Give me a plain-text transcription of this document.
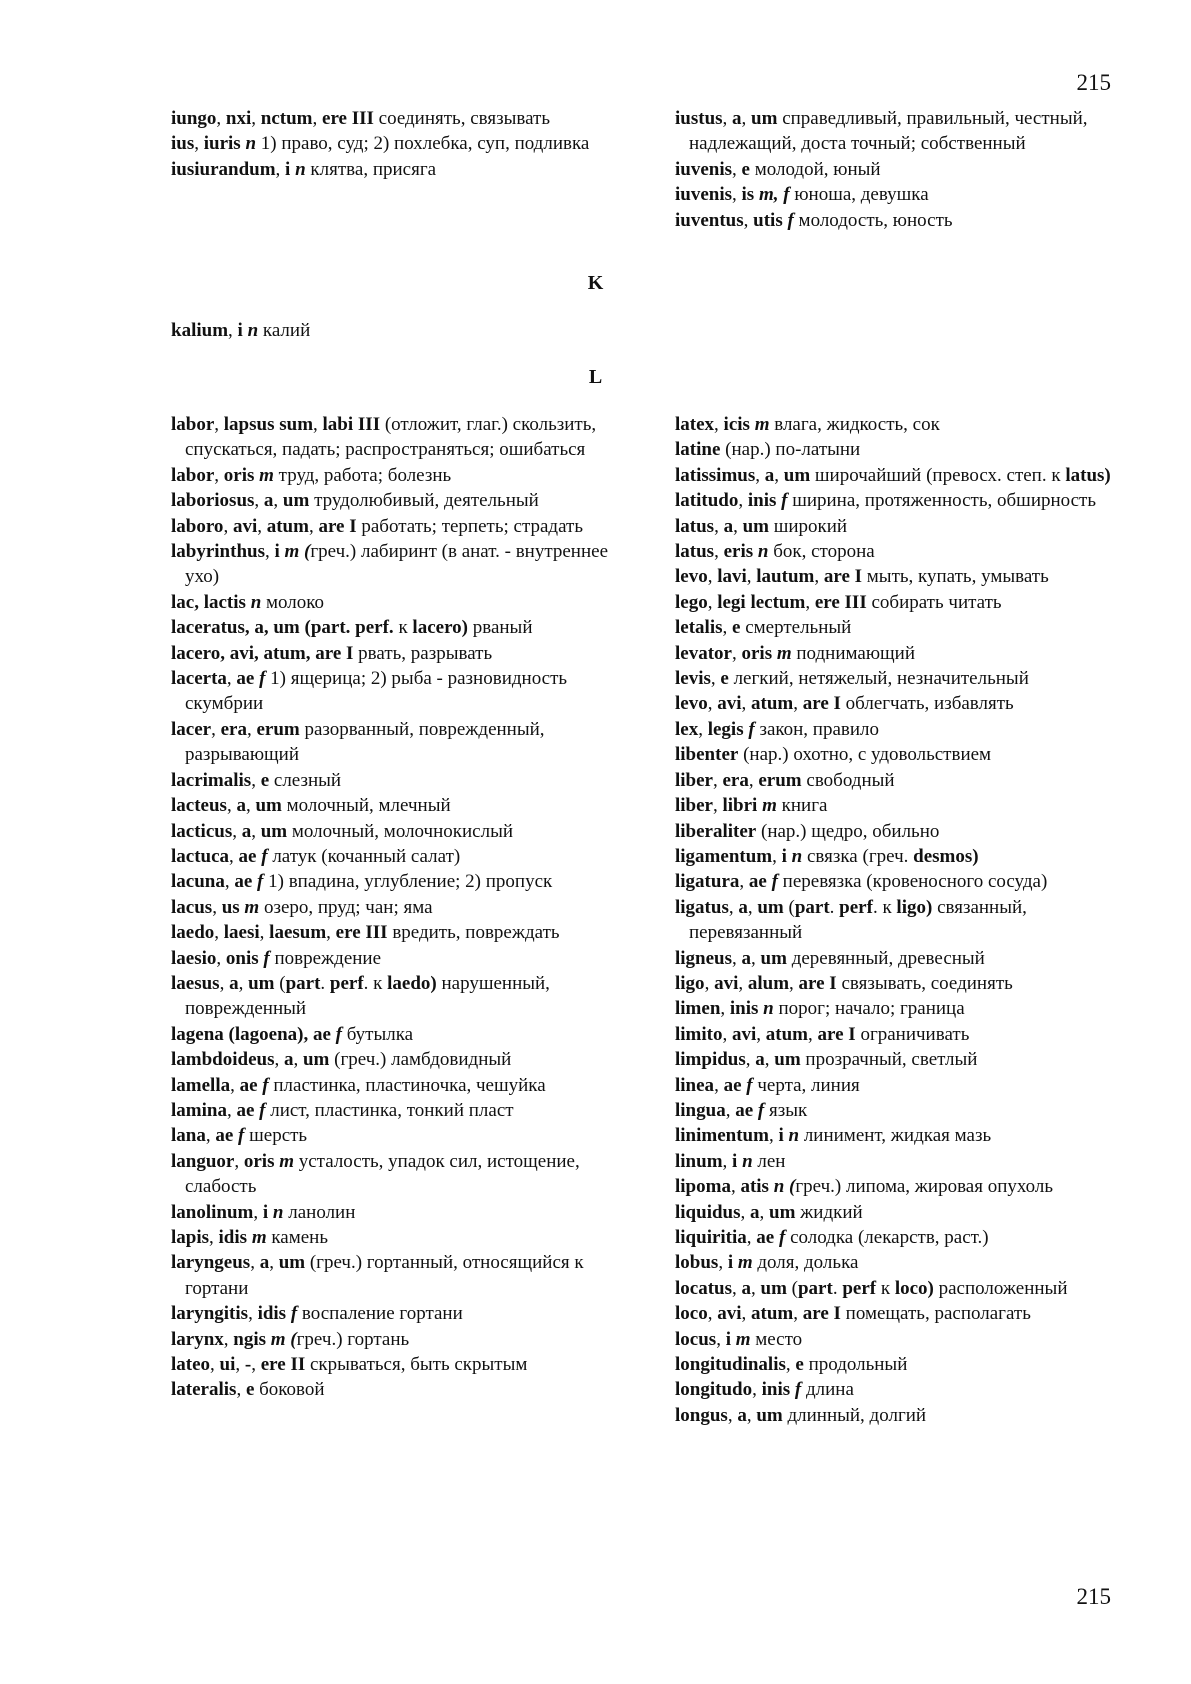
215
iungo, nxi, nctum, ere III соединять, связывать
ius, iuris n 1) право, суд; 2) похлебка, суп, подливка
iusiurandum, i n клятва, присяга
iustus, a, um справедливый, правильный, честный, надлежащий, доста точный; собственный
iuvenis, e молодой, юный
iuvenis, is m, f юноша, девушка
iuventus, utis f молодость, юность
K
kalium, i n калий
L
labor, lapsus sum, labi III (отложит, глаг.) скользить, спускаться, падать; распространяться; ошибаться
labor, oris m труд, работа; болезнь
laboriosus, a, um трудолюбивый, деятельный
laboro, avi, atum, are I работать; терпеть; страдать
labyrinthus, i m (греч.) лабиринт (в анат. - внутреннее ухо)
lac, lactis n молоко
laceratus, a, um (part. perf. к lacero) рваный
lacero, avi, atum, are I рвать, разрывать
lacerta, ae f 1) ящерица; 2) рыба - разновидность скумбрии
lacer, era, erum разорванный, поврежденный, разрывающий
lacrimalis, e слезный
lacteus, a, um молочный, млечный
lacticus, a, um молочный, молочнокислый
lactuca, ae f латук (кочанный салат)
lacuna, ae f 1) впадина, углубление; 2) пропуск
lacus, us m озеро, пруд; чан; яма
laedo, laesi, laesum, ere III вредить, повреждать
laesio, onis f повреждение
laesus, a, um (part. perf. к laedo) нарушенный, поврежденный
lagena (lagoena), ae f бутылка
lambdoideus, a, um (греч.) ламбдовидный
lamella, ae f пластинка, пластиночка, чешуйка
lamina, ae f лист, пластинка, тонкий пласт
lana, ae f шерсть
languor, oris m усталость, упадок сил, истощение, слабость
lanolinum, i n ланолин
lapis, idis m камень
laryngeus, a, um (греч.) гортанный, относящийся к гортани
laryngitis, idis f воспаление гортани
larynx, ngis m (греч.) гортань
lateo, ui, -, ere II скрываться, быть скрытым
lateralis, e боковой
latex, icis m влага, жидкость, сок
latine (нар.) по-латыни
latissimus, a, um широчайший (превосх. степ. к latus)
latitudo, inis f ширина, протяженность, обширность
latus, a, um широкий
latus, eris n бок, сторона
levo, lavi, lautum, are I мыть, купать, умывать
lego, legi lectum, ere III собирать читать
letalis, e смертельный
levator, oris m поднимающий
levis, e легкий, нетяжелый, незначительный
levo, avi, atum, are I облегчать, избавлять
lex, legis f закон, правило
libenter (нар.) охотно, с удовольствием
liber, era, erum свободный
liber, libri m книга
liberaliter (нар.) щедро, обильно
ligamentum, i n связка (греч. desmos)
ligatura, ae f перевязка (кровеносного сосуда)
ligatus, a, um (part. perf. к ligo) связанный, перевязанный
ligneus, a, um деревянный, древесный
ligo, avi, alum, are I связывать, соединять
limen, inis n порог; начало; граница
limito, avi, atum, are I ограничивать
limpidus, a, um прозрачный, светлый
linea, ae f черта, линия
lingua, ae f язык
linimentum, i n линимент, жидкая мазь
linum, i n лен
lipoma, atis n (греч.) липома, жировая опухоль
liquidus, a, um жидкий
liquiritia, ae f солодка (лекарств, раст.)
lobus, i m доля, долька
locatus, a, um (part. perf к loco) расположенный
loco, avi, atum, are I помещать, располагать
locus, i m место
longitudinalis, e продольный
longitudo, inis f длина
longus, a, um длинный, долгий
215
